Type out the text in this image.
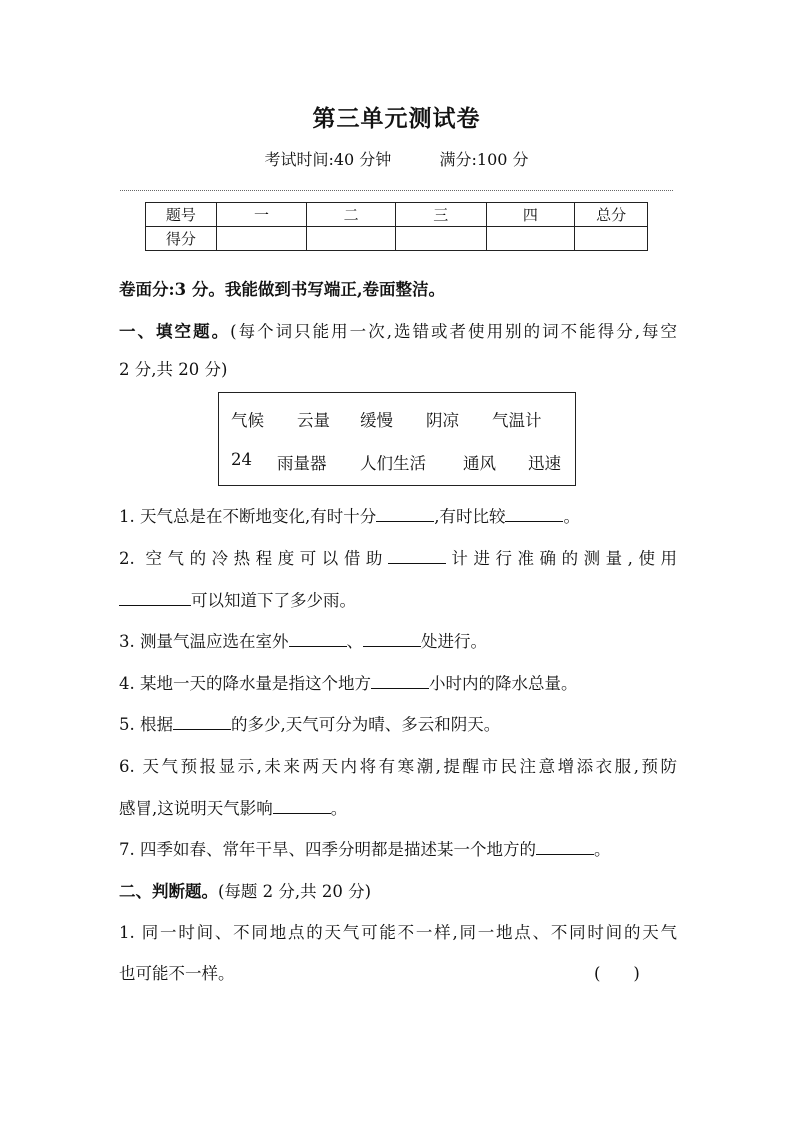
第三单元测试卷
考试时间:40 分钟	满分:100 分
题号	一	二	三	四	总分
得分					
卷面分:3 分。我能做到书写端正,卷面整洁。
一、填空题。(每个词只能用一次,选错或者使用别的词不能得分,每空
2 分,共 20 分)
气候 云量 缓慢 阴凉 气温计
24 雨量器 人们生活 通风 迅速
1. 天气总是在不断地变化,有时十分	,有时比较	。
2. 空气的冷热程度可以借助	计进行准确的测量,使用
可以知道下了多少雨。
3. 测量气温应选在室外	、	处进行。
4. 某地一天的降水量是指这个地方	小时内的降水总量。
5. 根据	的多少,天气可分为晴、多云和阴天。
6. 天气预报显示,未来两天内将有寒潮,提醒市民注意增添衣服,预防
感冒,这说明天气影响	。
7. 四季如春、常年干旱、四季分明都是描述某一个地方的	。
二、判断题。(每题 2 分,共 20 分)
1. 同一时间、不同地点的天气可能不一样,同一地点、不同时间的天气
也可能不一样。	(　　)
